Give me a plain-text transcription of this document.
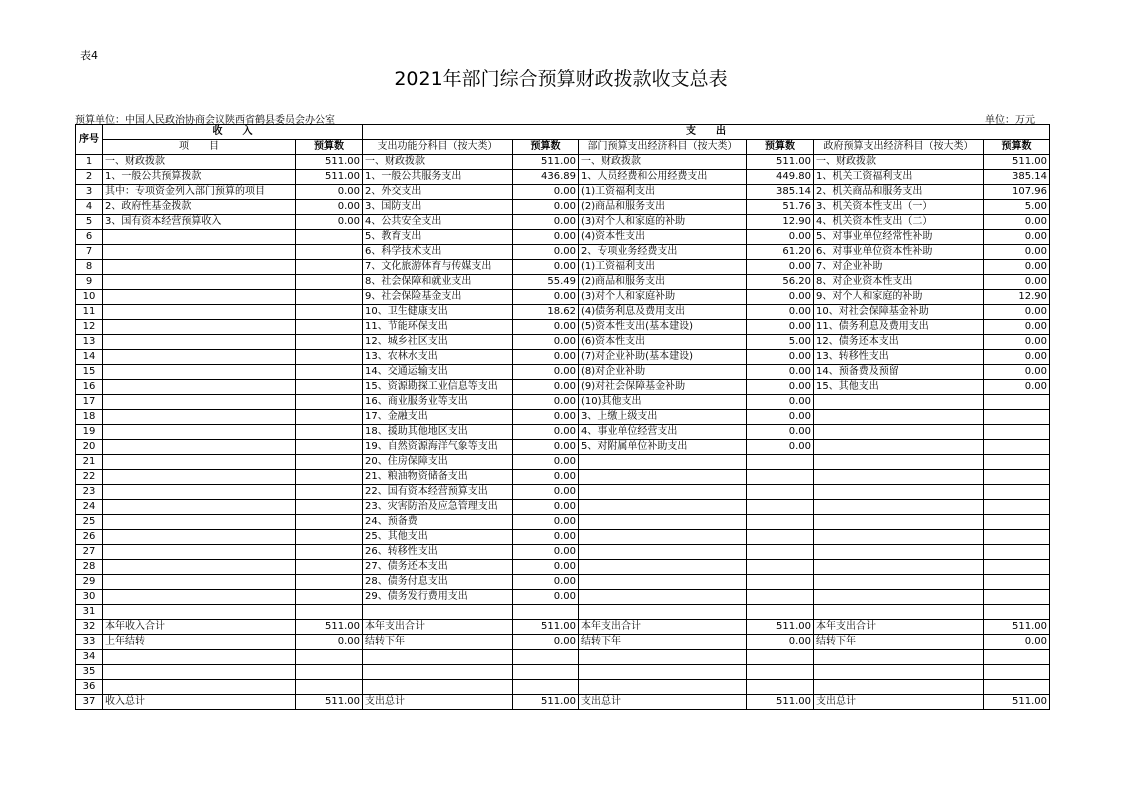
表4
2021年部门综合预算财政拨款收支总表
预算单位：中国人民政治协商会议陕西省鹤县委员会办公室	单位：万元
序号	收　　入		支　　出					
	项　　目	预算数	支出功能分科目（按大类）	预算数	部门预算支出经济科目（按大类）	预算数	政府预算支出经济科目（按大类）	预算数
1	一、财政拨款	511.00	一、财政拨款	511.00	一、财政拨款	511.00	一、财政拨款	511.00
2	1、一般公共预算拨款	511.00	1、一般公共服务支出	436.89	1、人员经费和公用经费支出	449.80	1、机关工资福利支出	385.14
3	其中：专项资金列入部门预算的项目	0.00	2、外交支出	0.00	(1)工资福利支出	385.14	2、机关商品和服务支出	107.96
4	2、政府性基金拨款	0.00	3、国防支出	0.00	(2)商品和服务支出	51.76	3、机关资本性支出（一）	5.00
5	3、国有资本经营预算收入	0.00	4、公共安全支出	0.00	(3)对个人和家庭的补助	12.90	4、机关资本性支出（二）	0.00
6			5、教育支出	0.00	(4)资本性支出	0.00	5、对事业单位经常性补助	0.00
7			6、科学技术支出	0.00	2、专项业务经费支出	61.20	6、对事业单位资本性补助	0.00
8			7、文化旅游体育与传媒支出	0.00	(1)工资福利支出	0.00	7、对企业补助	0.00
9			8、社会保障和就业支出	55.49	(2)商品和服务支出	56.20	8、对企业资本性支出	0.00
10			9、社会保险基金支出	0.00	(3)对个人和家庭补助	0.00	9、对个人和家庭的补助	12.90
11			10、卫生健康支出	18.62	(4)债务利息及费用支出	0.00	10、对社会保障基金补助	0.00
12			11、节能环保支出	0.00	(5)资本性支出(基本建设)	0.00	11、债务利息及费用支出	0.00
13			12、城乡社区支出	0.00	(6)资本性支出	5.00	12、债务还本支出	0.00
14			13、农林水支出	0.00	(7)对企业补助(基本建设)	0.00	13、转移性支出	0.00
15			14、交通运输支出	0.00	(8)对企业补助	0.00	14、预备费及预留	0.00
16			15、资源勘探工业信息等支出	0.00	(9)对社会保障基金补助	0.00	15、其他支出	0.00
17			16、商业服务业等支出	0.00	(10)其他支出	0.00		
18			17、金融支出	0.00	3、上缴上级支出	0.00		
19			18、援助其他地区支出	0.00	4、事业单位经营支出	0.00		
20			19、自然资源海洋气象等支出	0.00	5、对附属单位补助支出	0.00		
21			20、住房保障支出	0.00				
22			21、粮油物资储备支出	0.00				
23			22、国有资本经营预算支出	0.00				
24			23、灾害防治及应急管理支出	0.00				
25			24、预备费	0.00				
26			25、其他支出	0.00				
27			26、转移性支出	0.00				
28			27、债务还本支出	0.00				
29			28、债务付息支出	0.00				
30			29、债务发行费用支出	0.00				
31								
32	本年收入合计	511.00	本年支出合计	511.00	本年支出合计	511.00	本年支出合计	511.00
33	上年结转	0.00	结转下年	0.00	结转下年	0.00	结转下年	0.00
34								
35								
36								
37	收入总计	511.00	支出总计	511.00	支出总计	511.00	支出总计	511.00
